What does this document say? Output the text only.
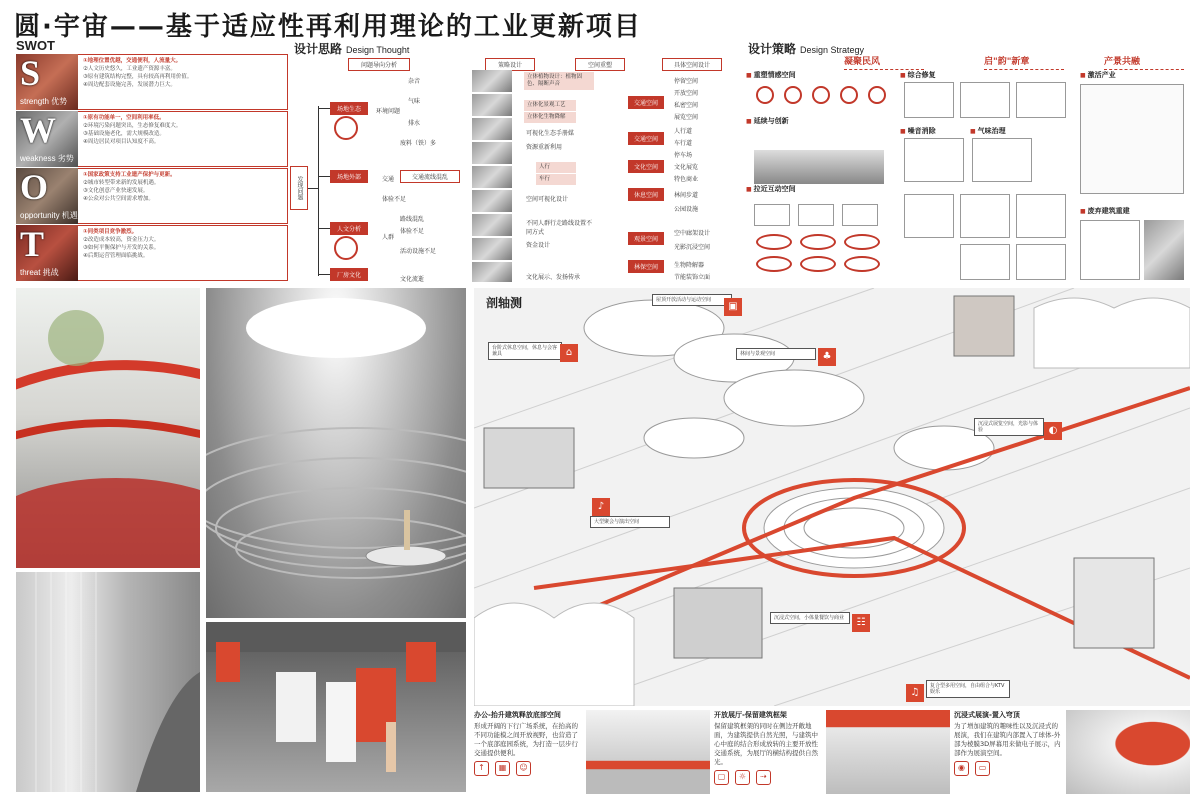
圆·宇宙——基于适应性再利用理论的工业更新项目
SWOT
S
strength 优势

①地理位置优越，交通便利，人流量大。

②人文历史悠久，工业遗产资源丰富。

③原有建筑结构完整，具有较高再利用价值。

④周边配套设施完善，发展潜力巨大。

W
weakness 劣势

①原有功能单一，空间利用率低。

②环境污染问题突出，生态修复难度大。

③基础设施老化，需大规模改造。

④周边居民对项目认知度不高。

O
opportunity 机遇

①国家政策支持工业遗产保护与更新。

②城市转型带来新的发展机遇。

③文化创意产业快速发展。

④公众对公共空间需求增加。

T
threat 挑战

①同类项目竞争激烈。

②改造成本较高，资金压力大。

③如何平衡保护与开发的关系。

④后期运营管理面临挑战。

设计思路 Design Thought
问题导向分析	策略设计	空间重塑	具体空间设计
发现问题
场地生态
场地外部
人文分析
厂房文化
环境问题
交通
人群
文化流逝
体验不足
路线混乱
体验不足
活动设施不足
杂音
气味
排水
废料（铁）多
交通流线混乱
立体植物设计：植物固色、隔断声音
立体化景观工艺
立体化生物降解
可视化生态手册媒
资源重新利用
人行
车行
空间可视化设计
不同人群行走路线设置不同方式
资金设计
文化展示、发扬传承
交通空间
交通空间
文化空间
休息空间
观景空间
林保空间
停留空间
开放空间
私密空间
展览空间
人行道
车行道
停车场
文化展览
特色商业
林间步道
公园设施
空中廊架设计
光影沉浸空间
生物降解器
节能装饰立面
设计策略 Design Strategy
凝聚民风	启"韵"新章	产景共融
■ 重塑情感空间
■ 延续与创新
■ 拉近互动空间
■ 综合修复
■ 噪音消除
■	气味治理
■ 激活产业
■ 废弃建筑重建
屋顶开放活动与运动空间
▣
台阶式休息空间，休息与会客兼具	⌂	林间与景观空间	♣
沉浸式展览空间，光影与体验	◐
大型聚会与演出空间
♪
沉浸式空间，小体量餐饮与商业	☷
复合型多用空间，自由组合与KTV娱乐
♫
剖轴测
办公-抬升建筑释放底部空间
形成开阔的下行广场系统，在抬高的不同功能模之间开放视野，也营造了一个底部庭园系统，为打造一层步行交通提供便利。
↑	▦	☺
开放展厅-保留建筑框架
保留建筑框架的同时在侧边开敞地面，为建筑提供自然光照，与建筑中心中庭的结合形成放转的主要开放性交通系统，为展厅的横结构提供自然光。
▢	☼	⇢
沉浸式展演-置入穹顶
为了增加建筑的趣味性以及沉浸式的展演，我们在建筑内部置入了球体-外部为棱膜3D屏幕用来做电子展示，内部作为展演空间。
◉	▭
